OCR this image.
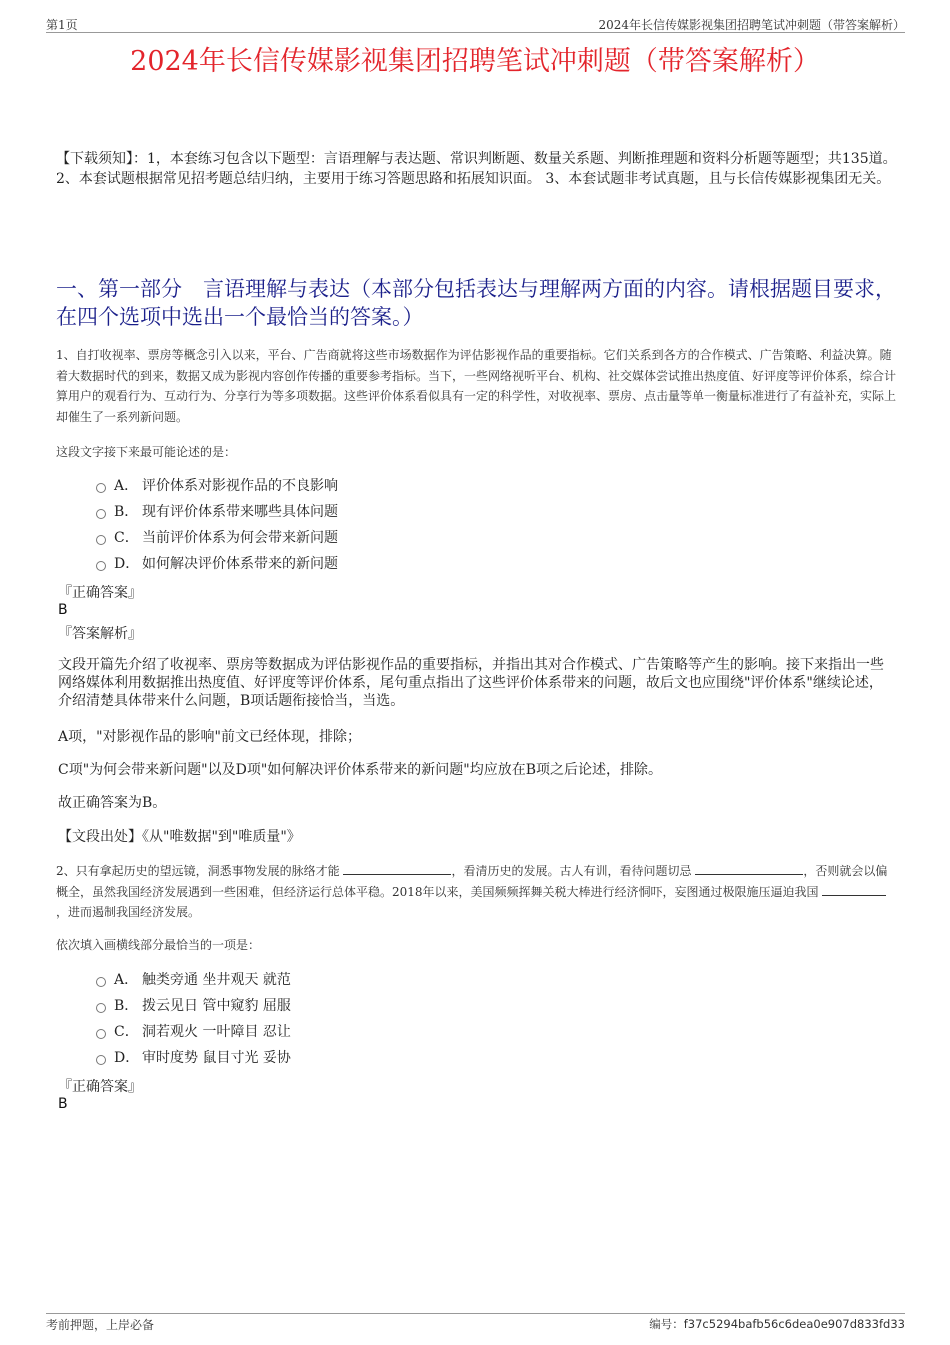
第1页	2024年长信传媒影视集团招聘笔试冲刺题（带答案解析）
2024年长信传媒影视集团招聘笔试冲刺题（带答案解析）
【下载须知】：1，本套练习包含以下题型：言语理解与表达题、常识判断题、数量关系题、判断推理题和资料分析题等题型；共135道。 2、本套试题根据常见招考题总结归纳，主要用于练习答题思路和拓展知识面。 3、本套试题非考试真题，且与长信传媒影视集团无关。
一、第一部分　言语理解与表达（本部分包括表达与理解两方面的内容。请根据题目要求，在四个选项中选出一个最恰当的答案。）
1、自打收视率、票房等概念引入以来，平台、广告商就将这些市场数据作为评估影视作品的重要指标。它们关系到各方的合作模式、广告策略、利益决算。随着大数据时代的到来，数据又成为影视内容创作传播的重要参考指标。当下，一些网络视听平台、机构、社交媒体尝试推出热度值、好评度等评价体系，综合计算用户的观看行为、互动行为、分享行为等多项数据。这些评价体系看似具有一定的科学性，对收视率、票房、点击量等单一衡量标准进行了有益补充，实际上却催生了一系列新问题。
这段文字接下来最可能论述的是：
A． 评价体系对影视作品的不良影响
B． 现有评价体系带来哪些具体问题
C． 当前评价体系为何会带来新问题
D． 如何解决评价体系带来的新问题
『正确答案』
B
『答案解析』
文段开篇先介绍了收视率、票房等数据成为评估影视作品的重要指标，并指出其对合作模式、广告策略等产生的影响。接下来指出一些网络媒体利用数据推出热度值、好评度等评价体系，尾句重点指出了这些评价体系带来的问题，故后文也应围绕"评价体系"继续论述，介绍清楚具体带来什么问题，B项话题衔接恰当，当选。
A项，"对影视作品的影响"前文已经体现，排除；
C项"为何会带来新问题"以及D项"如何解决评价体系带来的新问题"均应放在B项之后论述，排除。
故正确答案为B。
【文段出处】《从"唯数据"到"唯质量"》
2、只有拿起历史的望远镜，洞悉事物发展的脉络才能	，看清历史的发展。古人有训，看待问题切忌	，否则就会以偏概全，虽然我国经济发展遇到一些困难，但经济运行总体平稳。2018年以来，美国频频挥舞关税大棒进行经济恫吓，妄图通过极限施压逼迫我国 ，进而遏制我国经济发展。
依次填入画横线部分最恰当的一项是：
A． 触类旁通 坐井观天 就范
B． 拨云见日 管中窥豹 屈服
C． 洞若观火 一叶障目 忍让
D． 审时度势 鼠目寸光 妥协
『正确答案』
B
考前押题，上岸必备	编号：f37c5294bafb56c6dea0e907d833fd33
